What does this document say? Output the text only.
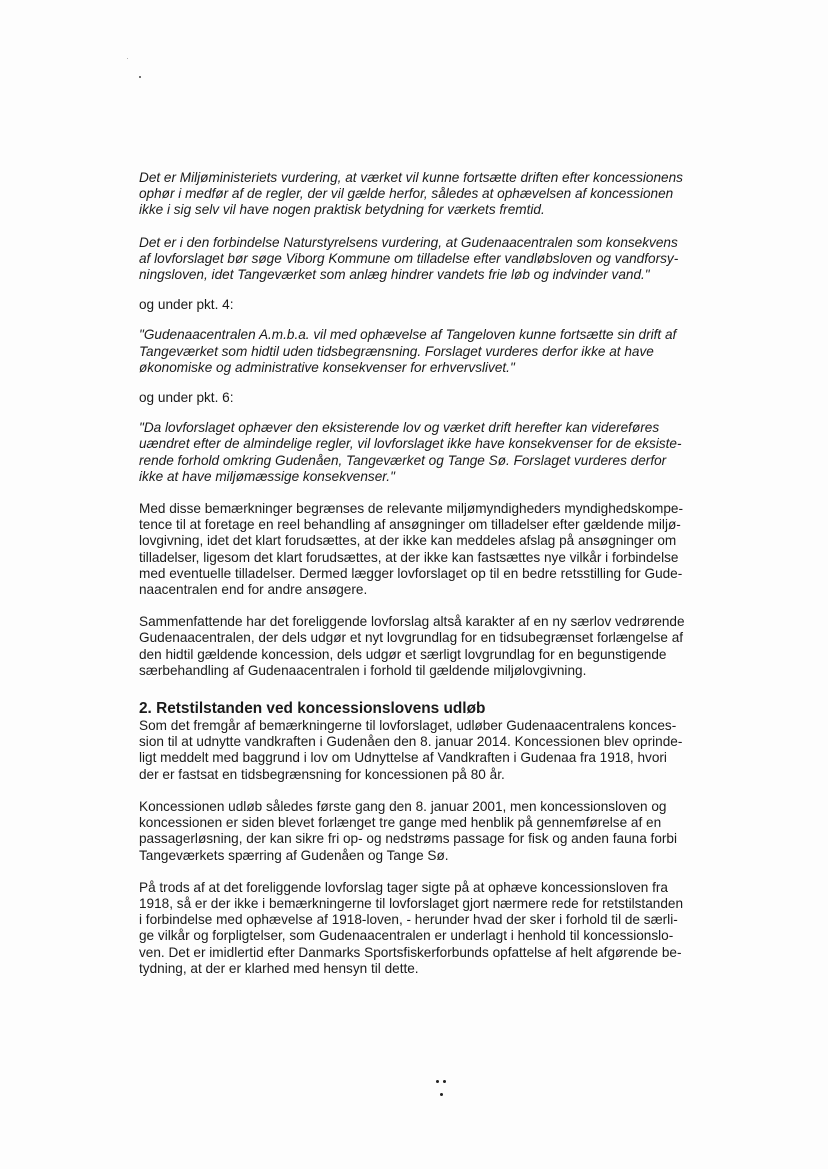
Det er Miljøministeriets vurdering, at værket vil kunne fortsætte driften efter koncessionens
ophør i medfør af de regler, der vil gælde herfor, således at ophævelsen af koncessionen
ikke i sig selv vil have nogen praktisk betydning for værkets fremtid.

Det er i den forbindelse Naturstyrelsens vurdering, at Gudenaacentralen som konsekvens
af lovforslaget bør søge Viborg Kommune om tilladelse efter vandløbsloven og vandforsy-
ningsloven, idet Tangeværket som anlæg hindrer vandets frie løb og indvinder vand."

og under pkt. 4:

"Gudenaacentralen A.m.b.a. vil med ophævelse af Tangeloven kunne fortsætte sin drift af
Tangeværket som hidtil uden tidsbegrænsning. Forslaget vurderes derfor ikke at have
økonomiske og administrative konsekvenser for erhvervslivet."

og under pkt. 6:

"Da lovforslaget ophæver den eksisterende lov og værket drift herefter kan videreføres
uændret efter de almindelige regler, vil lovforslaget ikke have konsekvenser for de eksiste-
rende forhold omkring Gudenåen, Tangeværket og Tange Sø. Forslaget vurderes derfor
ikke at have miljømæssige konsekvenser."

Med disse bemærkninger begrænses de relevante miljømyndigheders myndighedskompe-
tence til at foretage en reel behandling af ansøgninger om tilladelser efter gældende miljø-
lovgivning, idet det klart forudsættes, at der ikke kan meddeles afslag på ansøgninger om
tilladelser, ligesom det klart forudsættes, at der ikke kan fastsættes nye vilkår i forbindelse
med eventuelle tilladelser. Dermed lægger lovforslaget op til en bedre retsstilling for Gude-
naacentralen end for andre ansøgere.

Sammenfattende har det foreliggende lovforslag altså karakter af en ny særlov vedrørende
Gudenaacentralen, der dels udgør et nyt lovgrundlag for en tidsubegrænset forlængelse af
den hidtil gældende koncession, dels udgør et særligt lovgrundlag for en begunstigende
særbehandling af Gudenaacentralen i forhold til gældende miljølovgivning.

2. Retstilstanden ved koncessionslovens udløb

Som det fremgår af bemærkningerne til lovforslaget, udløber Gudenaacentralens konces-
sion til at udnytte vandkraften i Gudenåen den 8. januar 2014. Koncessionen blev oprinde-
ligt meddelt med baggrund i lov om Udnyttelse af Vandkraften i Gudenaa fra 1918, hvori
der er fastsat en tidsbegrænsning for koncessionen på 80 år.

Koncessionen udløb således første gang den 8. januar 2001, men koncessionsloven og
koncessionen er siden blevet forlænget tre gange med henblik på gennemførelse af en
passagerløsning, der kan sikre fri op- og nedstrøms passage for fisk og anden fauna forbi
Tangeværkets spærring af Gudenåen og Tange Sø.

På trods af at det foreliggende lovforslag tager sigte på at ophæve koncessionsloven fra
1918, så er der ikke i bemærkningerne til lovforslaget gjort nærmere rede for retstilstanden
i forbindelse med ophævelse af 1918-loven, - herunder hvad der sker i forhold til de særli-
ge vilkår og forpligtelser, som Gudenaacentralen er underlagt i henhold til koncessionslo-
ven. Det er imidlertid efter Danmarks Sportsfiskerforbunds opfattelse af helt afgørende be-
tydning, at der er klarhed med hensyn til dette.
